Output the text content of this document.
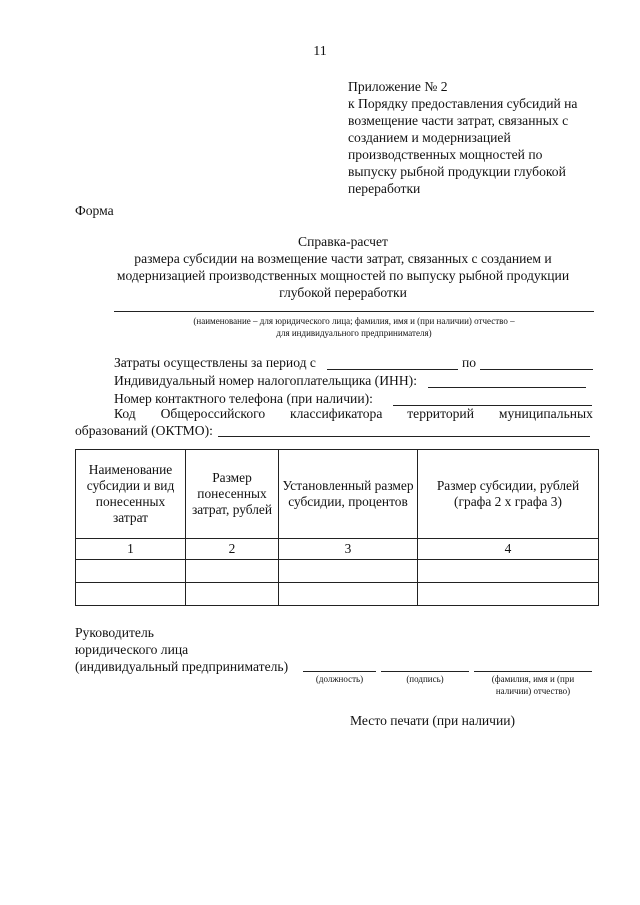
11
Приложение № 2
к Порядку предоставления субсидий на
возмещение части затрат, связанных с
созданием и модернизацией
производственных мощностей по
выпуску рыбной продукции глубокой
переработки
Форма
Справка-расчет
размера субсидии на возмещение части затрат, связанных с созданием и
модернизацией производственных мощностей по выпуску рыбной продукции
глубокой переработки
(наименование – для юридического лица; фамилия, имя и (при наличии) отчество –
для индивидуального предпринимателя)
Затраты осуществлены за период с	по
Индивидуальный номер налогоплательщика (ИНН):
Номер контактного телефона (при наличии):
Код Общероссийского классификатора территорий муниципальных
образований (ОКТМО):
Наименование субсидии и вид понесенных затрат	Размер понесенных затрат, рублей	Установленный размер субсидии, процентов	Размер субсидии, рублей (графа 2 х графа 3)
1	2	3	4

Руководитель
юридического лица
(индивидуальный предприниматель)
(должность)	(подпись)	(фамилия, имя и (при
наличии) отчество)
Место печати (при наличии)
